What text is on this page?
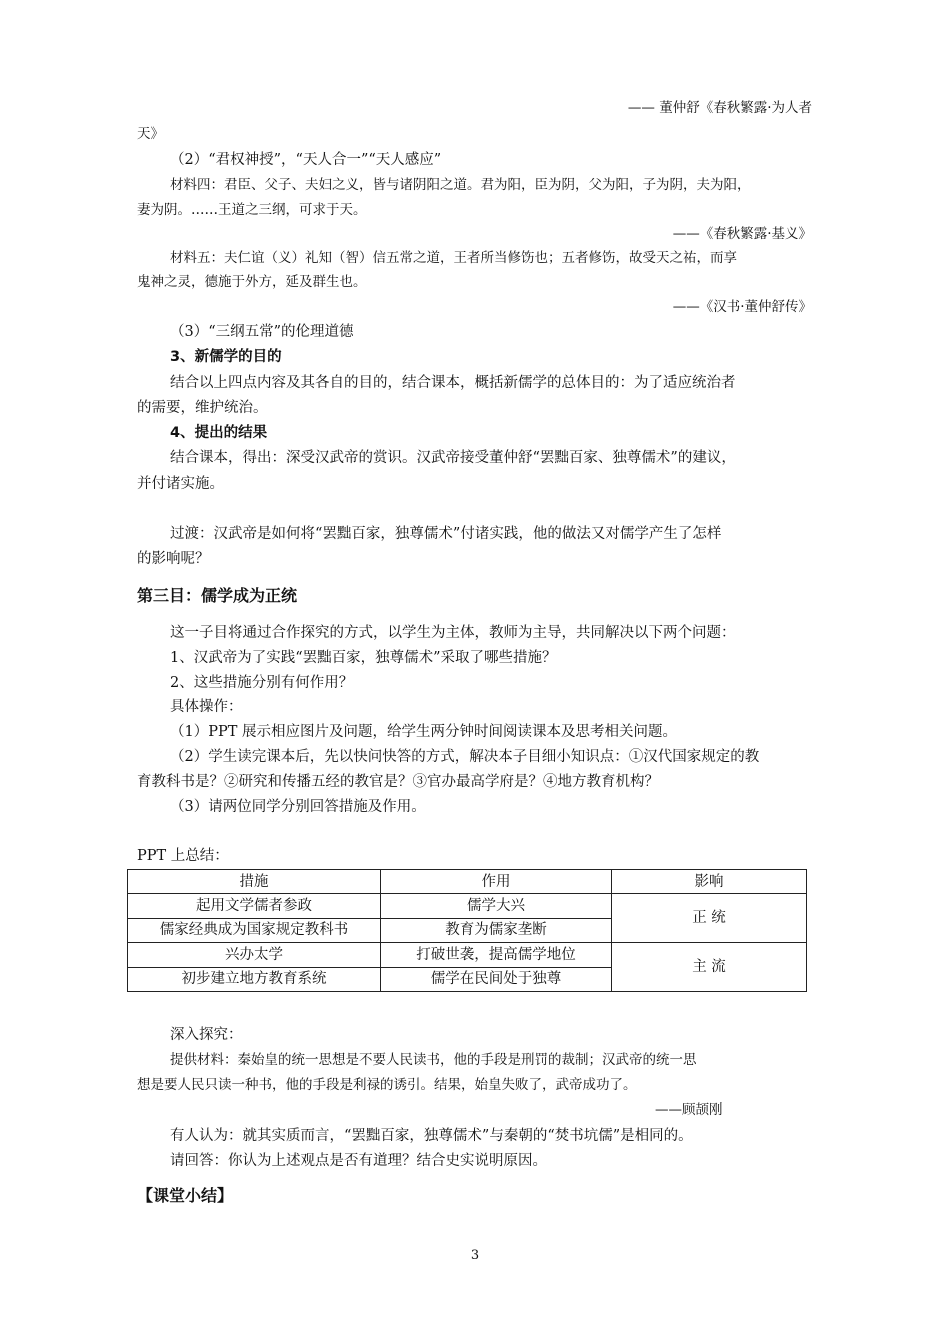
—— 董仲舒《春秋繁露·为人者
天》
（2）“君权神授”，“天人合一”“天人感应”
材料四：君臣、父子、夫妇之义，皆与诸阴阳之道。君为阳，臣为阴，父为阳，子为阴，夫为阳，
妻为阴。……王道之三纲，可求于天。
——《春秋繁露·基义》
材料五：夫仁谊（义）礼知（智）信五常之道，王者所当修饬也；五者修饬，故受天之祐，而享
鬼神之灵，德施于外方，延及群生也。
——《汉书·董仲舒传》
（3）“三纲五常”的伦理道德
3、新儒学的目的
结合以上四点内容及其各自的目的，结合课本，概括新儒学的总体目的：为了适应统治者
的需要，维护统治。
4、提出的结果
结合课本，得出：深受汉武帝的赏识。汉武帝接受董仲舒“罢黜百家、独尊儒术”的建议，
并付诸实施。
过渡：汉武帝是如何将“罢黜百家，独尊儒术”付诸实践，他的做法又对儒学产生了怎样
的影响呢？
第三目：儒学成为正统
这一子目将通过合作探究的方式，以学生为主体，教师为主导，共同解决以下两个问题：
1、汉武帝为了实践“罢黜百家，独尊儒术”采取了哪些措施？
2、这些措施分别有何作用？
具体操作：
（1）PPT 展示相应图片及问题，给学生两分钟时间阅读课本及思考相关问题。
（2）学生读完课本后，先以快问快答的方式，解决本子目细小知识点：①汉代国家规定的教
育教科书是？②研究和传播五经的教官是？③官办最高学府是？④地方教育机构？
（3）请两位同学分别回答措施及作用。
PPT 上总结：
措施	作用	影响
起用文学儒者参政	儒学大兴	正 统
儒家经典成为国家规定教科书	教育为儒家垄断	
兴办太学	打破世袭，提高儒学地位	主 流
初步建立地方教育系统	儒学在民间处于独尊	
深入探究：
提供材料：秦始皇的统一思想是不要人民读书，他的手段是刑罚的裁制；汉武帝的统一思
想是要人民只读一种书，他的手段是利禄的诱引。结果，始皇失败了，武帝成功了。
——顾颉刚
有人认为：就其实质而言，“罢黜百家，独尊儒术”与秦朝的“焚书坑儒”是相同的。
请回答：你认为上述观点是否有道理？结合史实说明原因。
【课堂小结】
3
